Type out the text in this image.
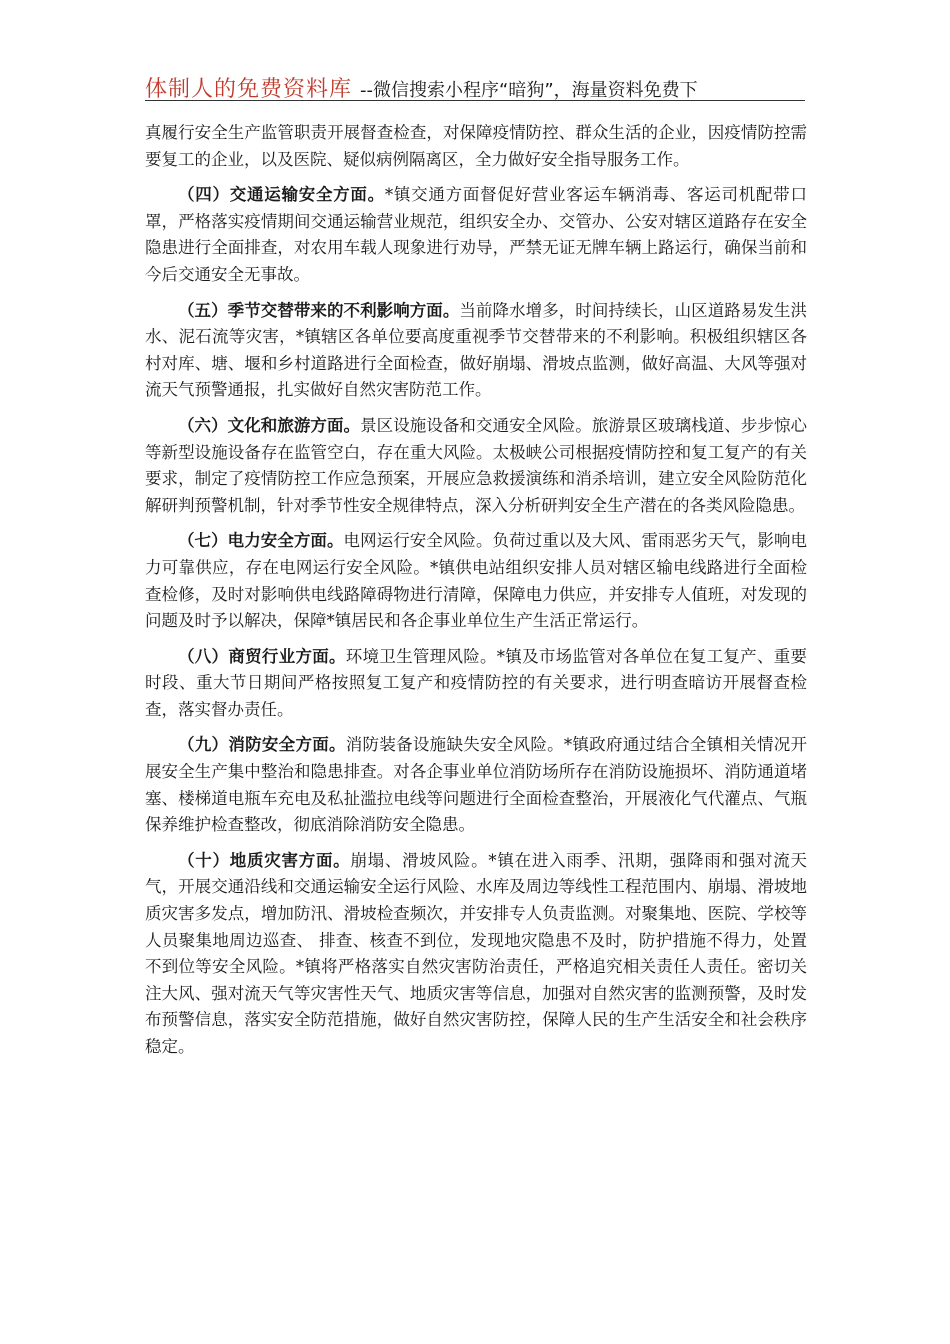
体制人的免费资料库 --微信搜索小程序“暗狗”，海量资料免费下

真履行安全生产监管职责开展督查检查，对保障疫情防控、群众生活的企业，因疫情防控需要复工的企业，以及医院、疑似病例隔离区，全力做好安全指导服务工作。

（四）交通运输安全方面。*镇交通方面督促好营业客运车辆消毒、客运司机配带口罩，严格落实疫情期间交通运输营业规范，组织安全办、交管办、公安对辖区道路存在安全隐患进行全面排查，对农用车载人现象进行劝导，严禁无证无牌车辆上路运行，确保当前和今后交通安全无事故。

（五）季节交替带来的不利影响方面。当前降水增多，时间持续长，山区道路易发生洪水、泥石流等灾害，*镇辖区各单位要高度重视季节交替带来的不利影响。积极组织辖区各村对库、塘、堰和乡村道路进行全面检查，做好崩塌、滑坡点监测，做好高温、大风等强对流天气预警通报，扎实做好自然灾害防范工作。

（六）文化和旅游方面。景区设施设备和交通安全风险。旅游景区玻璃栈道、步步惊心等新型设施设备存在监管空白，存在重大风险。太极峡公司根据疫情防控和复工复产的有关要求，制定了疫情防控工作应急预案，开展应急救援演练和消杀培训，建立安全风险防范化解研判预警机制，针对季节性安全规律特点，深入分析研判安全生产潜在的各类风险隐患。

（七）电力安全方面。电网运行安全风险。负荷过重以及大风、雷雨恶劣天气，影响电力可靠供应，存在电网运行安全风险。*镇供电站组织安排人员对辖区输电线路进行全面检查检修，及时对影响供电线路障碍物进行清障，保障电力供应，并安排专人值班，对发现的问题及时予以解决，保障*镇居民和各企事业单位生产生活正常运行。

（八）商贸行业方面。环境卫生管理风险。*镇及市场监管对各单位在复工复产、重要时段、重大节日期间严格按照复工复产和疫情防控的有关要求，进行明查暗访开展督查检查，落实督办责任。

（九）消防安全方面。消防装备设施缺失安全风险。*镇政府通过结合全镇相关情况开展安全生产集中整治和隐患排查。对各企事业单位消防场所存在消防设施损坏、消防通道堵塞、楼梯道电瓶车充电及私扯滥拉电线等问题进行全面检查整治，开展液化气代灌点、气瓶保养维护检查整改，彻底消除消防安全隐患。

（十）地质灾害方面。崩塌、滑坡风险。*镇在进入雨季、汛期，强降雨和强对流天气，开展交通沿线和交通运输安全运行风险、水库及周边等线性工程范围内、崩塌、滑坡地质灾害多发点，增加防汛、滑坡检查频次，并安排专人负责监测。对聚集地、医院、学校等人员聚集地周边巡查、 排查、核查不到位，发现地灾隐患不及时，防护措施不得力，处置不到位等安全风险。*镇将严格落实自然灾害防治责任，严格追究相关责任人责任。密切关注大风、强对流天气等灾害性天气、地质灾害等信息，加强对自然灾害的监测预警，及时发布预警信息，落实安全防范措施，做好自然灾害防控，保障人民的生产生活安全和社会秩序稳定。
